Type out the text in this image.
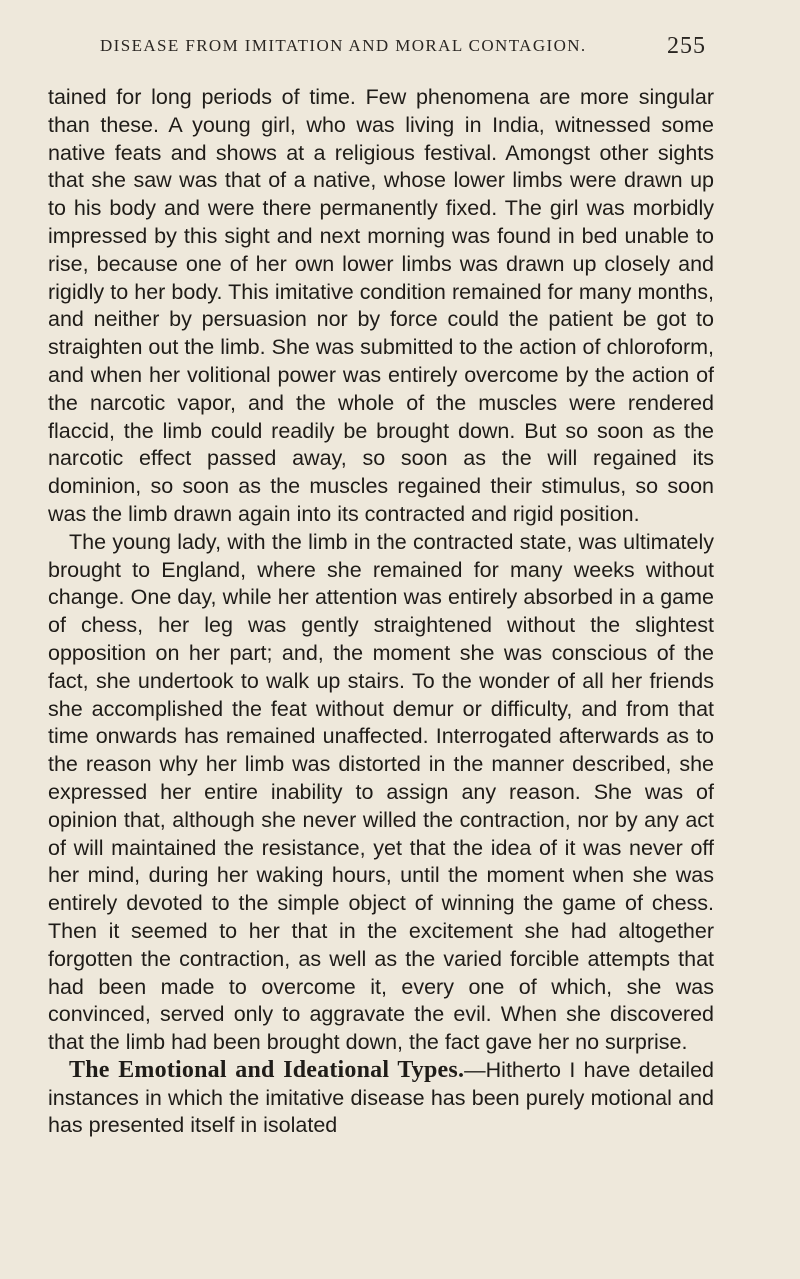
DISEASE FROM IMITATION AND MORAL CONTAGION.	255

tained for long periods of time. Few phenomena are more singular than these. A young girl, who was living in India, witnessed some native feats and shows at a religious festival. Amongst other sights that she saw was that of a native, whose lower limbs were drawn up to his body and were there permanently fixed. The girl was morbidly impressed by this sight and next morning was found in bed unable to rise, because one of her own lower limbs was drawn up closely and rigidly to her body. This imitative condition remained for many months, and neither by persuasion nor by force could the patient be got to straighten out the limb. She was submitted to the action of chloroform, and when her volitional power was entirely overcome by the action of the narcotic vapor, and the whole of the muscles were rendered flaccid, the limb could readily be brought down. But so soon as the narcotic effect passed away, so soon as the will regained its dominion, so soon as the muscles regained their stimulus, so soon was the limb drawn again into its contracted and rigid position.

The young lady, with the limb in the contracted state, was ultimately brought to England, where she remained for many weeks without change. One day, while her attention was entirely absorbed in a game of chess, her leg was gently straightened without the slightest opposition on her part; and, the moment she was conscious of the fact, she undertook to walk up stairs. To the wonder of all her friends she accomplished the feat without demur or difficulty, and from that time onwards has remained unaffected. Interrogated afterwards as to the reason why her limb was distorted in the manner described, she expressed her entire inability to assign any reason. She was of opinion that, although she never willed the contraction, nor by any act of will maintained the resistance, yet that the idea of it was never off her mind, during her waking hours, until the moment when she was entirely devoted to the simple object of winning the game of chess. Then it seemed to her that in the excitement she had altogether forgotten the contraction, as well as the varied forcible attempts that had been made to overcome it, every one of which, she was convinced, served only to aggravate the evil. When she discovered that the limb had been brought down, the fact gave her no surprise.

The Emotional and Ideational Types.—Hitherto I have detailed instances in which the imitative disease has been purely motional and has presented itself in isolated
